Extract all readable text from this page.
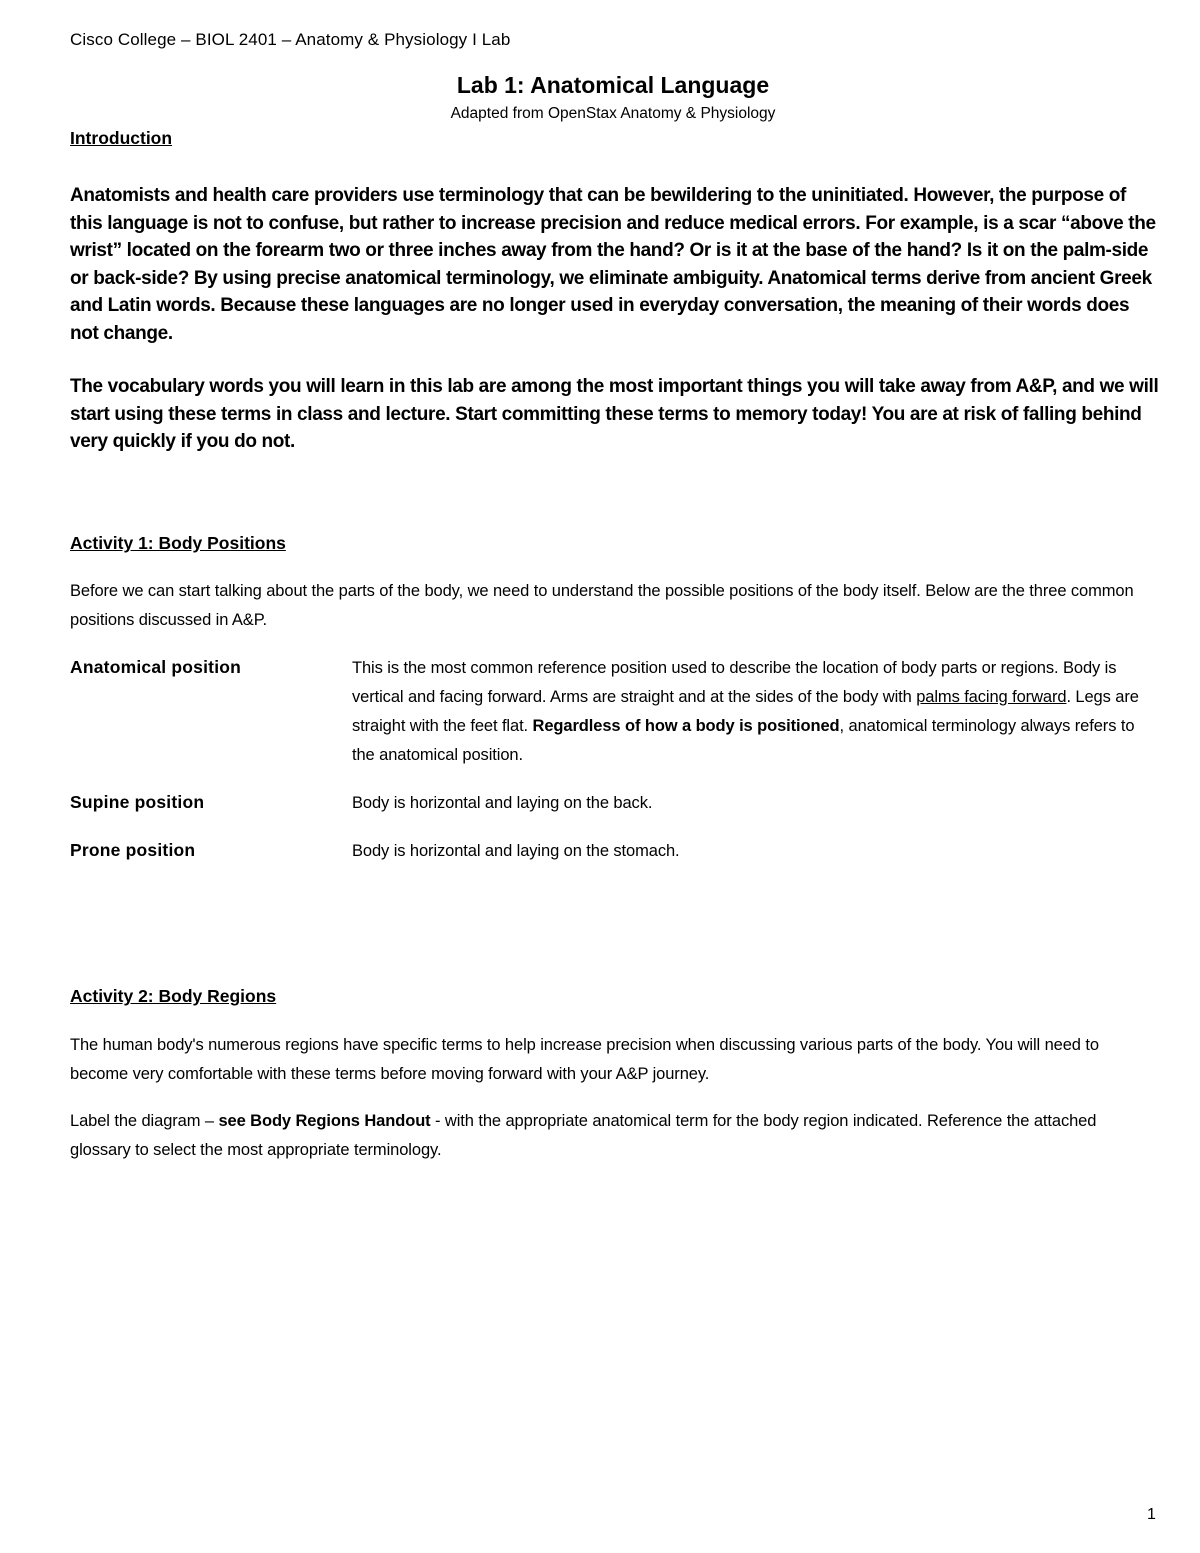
Cisco College – BIOL 2401 – Anatomy & Physiology I Lab
Lab 1: Anatomical Language
Adapted from OpenStax Anatomy & Physiology
Introduction
Anatomists and health care providers use terminology that can be bewildering to the uninitiated. However, the purpose of this language is not to confuse, but rather to increase precision and reduce medical errors. For example, is a scar “above the wrist” located on the forearm two or three inches away from the hand? Or is it at the base of the hand? Is it on the palm-side or back-side? By using precise anatomical terminology, we eliminate ambiguity. Anatomical terms derive from ancient Greek and Latin words. Because these languages are no longer used in everyday conversation, the meaning of their words does not change.
The vocabulary words you will learn in this lab are among the most important things you will take away from A&P, and we will start using these terms in class and lecture. Start committing these terms to memory today! You are at risk of falling behind very quickly if you do not.
Activity 1: Body Positions
Before we can start talking about the parts of the body, we need to understand the possible positions of the body itself. Below are the three common positions discussed in A&P.
Anatomical position	This is the most common reference position used to describe the location of body parts or regions. Body is vertical and facing forward. Arms are straight and at the sides of the body with palms facing forward. Legs are straight with the feet flat. Regardless of how a body is positioned, anatomical terminology always refers to the anatomical position.
Supine position	Body is horizontal and laying on the back.
Prone position	Body is horizontal and laying on the stomach.
Activity 2: Body Regions
The human body's numerous regions have specific terms to help increase precision when discussing various parts of the body. You will need to become very comfortable with these terms before moving forward with your A&P journey.
Label the diagram – see Body Regions Handout - with the appropriate anatomical term for the body region indicated. Reference the attached glossary to select the most appropriate terminology.
1
